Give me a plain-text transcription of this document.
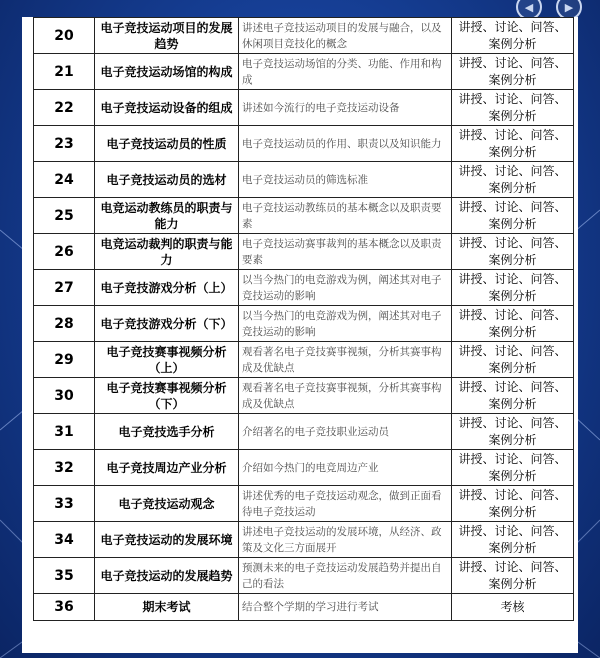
◀	▶
20	电子竞技运动项目的发展趋势	讲述电子竞技运动项目的发展与融合，以及休闲项目竞技化的概念	讲授、讨论、问答、案例分析
21	电子竞技运动场馆的构成	电子竞技运动场馆的分类、功能、作用和构成	讲授、讨论、问答、案例分析
22	电子竞技运动设备的组成	讲述如今流行的电子竞技运动设备	讲授、讨论、问答、案例分析
23	电子竞技运动员的性质	电子竞技运动员的作用、职责以及知识能力	讲授、讨论、问答、案例分析
24	电子竞技运动员的选材	电子竞技运动员的筛选标准	讲授、讨论、问答、案例分析
25	电竞运动教练员的职责与能力	电子竞技运动教练员的基本概念以及职责要素	讲授、讨论、问答、案例分析
26	电竞运动裁判的职责与能力	电子竞技运动赛事裁判的基本概念以及职责要素	讲授、讨论、问答、案例分析
27	电子竞技游戏分析（上）	以当今热门的电竞游戏为例，阐述其对电子竞技运动的影响	讲授、讨论、问答、案例分析
28	电子竞技游戏分析（下）	以当今热门的电竞游戏为例，阐述其对电子竞技运动的影响	讲授、讨论、问答、案例分析
29	电子竞技赛事视频分析（上）	观看著名电子竞技赛事视频，分析其赛事构成及优缺点	讲授、讨论、问答、案例分析
30	电子竞技赛事视频分析（下）	观看著名电子竞技赛事视频，分析其赛事构成及优缺点	讲授、讨论、问答、案例分析
31	电子竞技选手分析	介绍著名的电子竞技职业运动员	讲授、讨论、问答、案例分析
32	电子竞技周边产业分析	介绍如今热门的电竞周边产业	讲授、讨论、问答、案例分析
33	电子竞技运动观念	讲述优秀的电子竞技运动观念，做到正面看待电子竞技运动	讲授、讨论、问答、案例分析
34	电子竞技运动的发展环境	讲述电子竞技运动的发展环境，从经济、政策及文化三方面展开	讲授、讨论、问答、案例分析
35	电子竞技运动的发展趋势	预测未来的电子竞技运动发展趋势并提出自己的看法	讲授、讨论、问答、案例分析
36	期末考试	结合整个学期的学习进行考试	考核
